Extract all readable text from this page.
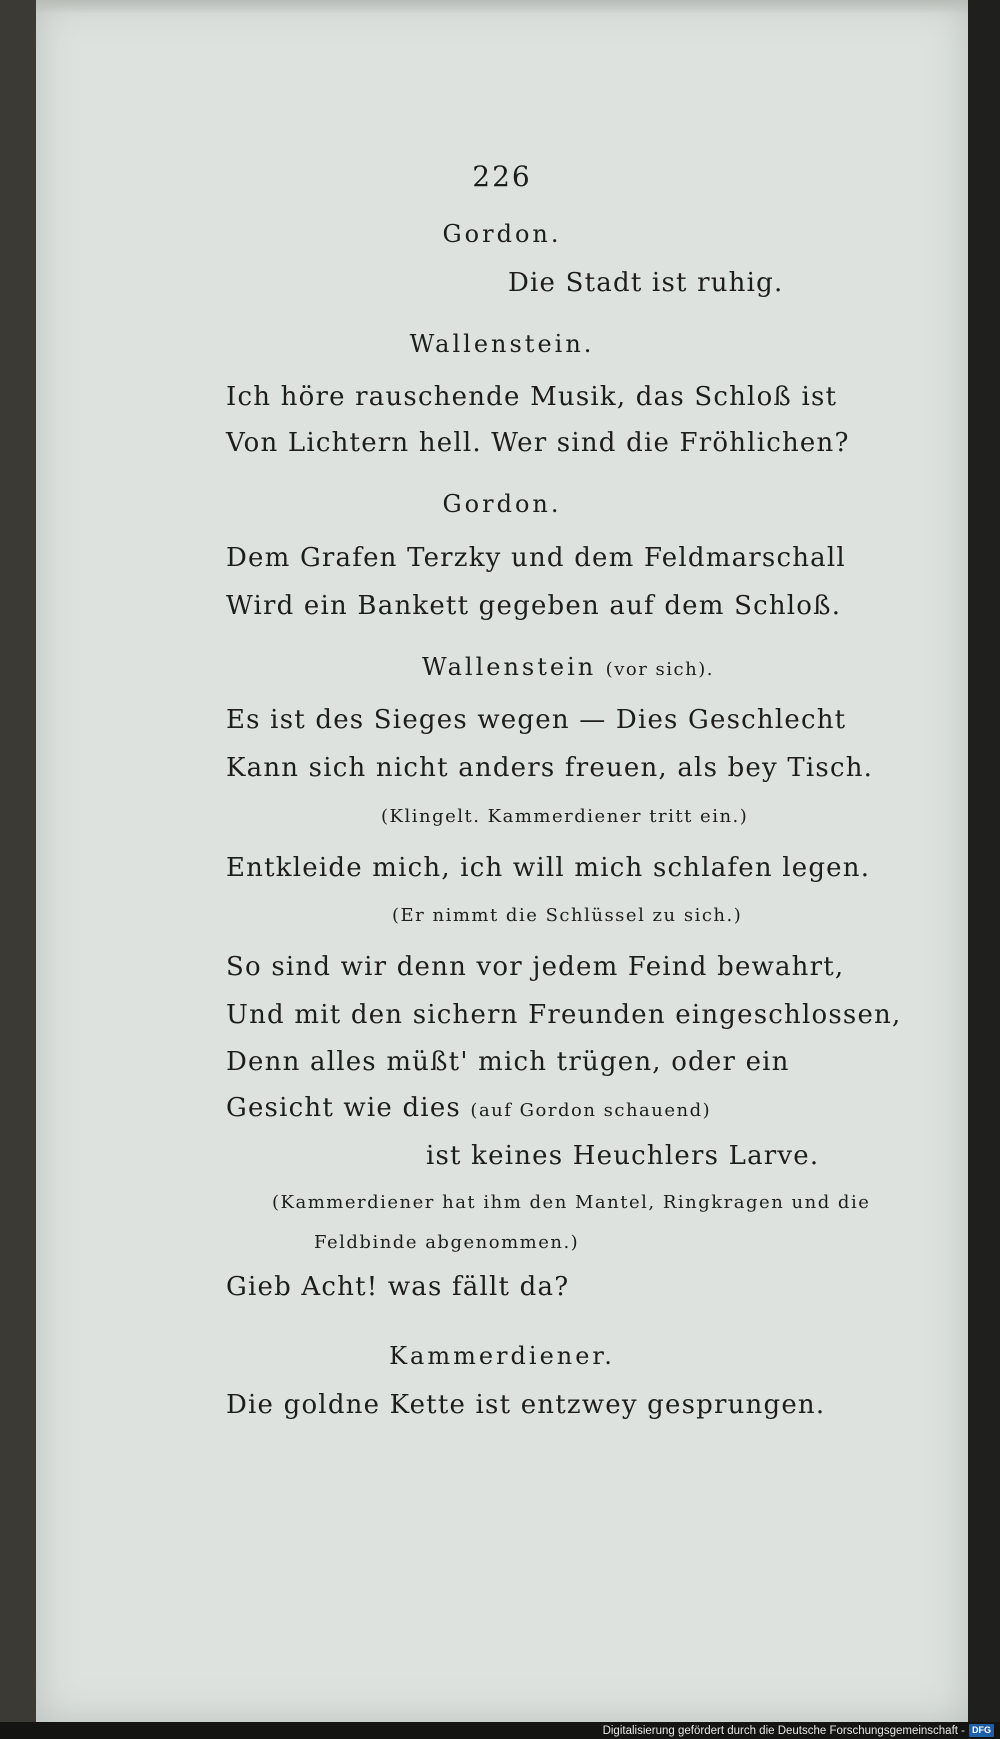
226
Gordon.
Die Stadt ist ruhig.
Wallenstein.
Ich höre rauschende Musik, das Schloß ist
Von Lichtern hell. Wer sind die Fröhlichen?
Gordon.
Dem Grafen Terzky und dem Feldmarschall
Wird ein Bankett gegeben auf dem Schloß.
Wallenstein (vor sich).
Es ist des Sieges wegen — Dies Geschlecht
Kann sich nicht anders freuen, als bey Tisch.
(Klingelt. Kammerdiener tritt ein.)
Entkleide mich, ich will mich schlafen legen.
(Er nimmt die Schlüssel zu sich.)
So sind wir denn vor jedem Feind bewahrt,
Und mit den sichern Freunden eingeschlossen,
Denn alles müßt' mich trügen, oder ein
Gesicht wie dies (auf Gordon schauend)
ist keines Heuchlers Larve.
(Kammerdiener hat ihm den Mantel, Ringkragen und die
Feldbinde abgenommen.)
Gieb Acht! was fällt da?
Kammerdiener.
Die goldne Kette ist entzwey gesprungen.
Digitalisierung gefördert durch die Deutsche Forschungsgemeinschaft - DFG
